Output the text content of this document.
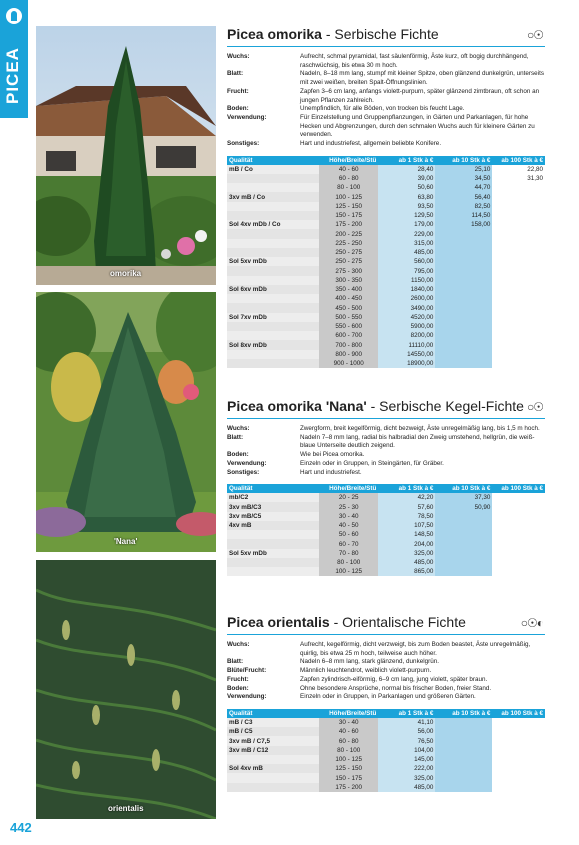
PICEA
omorika
'Nana'
orientalis
Picea omorika - Serbische Fichte	○☉
Wuchs:	Aufrecht, schmal pyramidal, fast säulenförmig, Äste kurz, oft bogig durchhängend, raschwüchsig, bis etwa 30 m hoch.
Blatt:	Nadeln, 8–18 mm lang, stumpf mit kleiner Spitze, oben glänzend dunkelgrün, unterseits mit zwei weißen, breiten Spalt-Öffnungslinien.
Frucht:	Zapfen 3–6 cm lang, anfangs violett-purpurn, später glänzend zimtbraun, oft schon an jungen Pflanzen zahlreich.
Boden:	Unempfindlich, für alle Böden, von trocken bis feucht Lage.
Verwendung:	Für Einzelstellung und Gruppenpflanzungen, in Gärten und Parkanlagen, für hohe Hecken und Abgrenzungen, durch den schmalen Wuchs auch für kleinere Gärten zu verwenden.
Sonstiges:	Hart und industriefest, allgemein beliebte Konifere.
Qualität	Höhe/Breite/Stü	ab 1 Stk à €	ab 10 Stk à €	ab 100 Stk à €
mB / Co	40 - 60	28,40	25,10	22,80
	60 - 80	39,00	34,50	31,30
	80 - 100	50,60	44,70	
3xv mB / Co	100 - 125	63,80	56,40	
	125 - 150	93,50	82,50	
	150 - 175	129,50	114,50	
Sol 4xv mDb / Co	175 - 200	179,00	158,00	
	200 - 225	229,00		
	225 - 250	315,00		
	250 - 275	485,00		
Sol 5xv mDb	250 - 275	560,00		
	275 - 300	795,00		
	300 - 350	1150,00		
Sol 6xv mDb	350 - 400	1840,00		
	400 - 450	2600,00		
	450 - 500	3490,00		
Sol 7xv mDb	500 - 550	4520,00		
	550 - 600	5900,00		
	600 - 700	8200,00		
Sol 8xv mDb	700 - 800	11110,00		
	800 - 900	14550,00		
	900 - 1000	18900,00		
Picea omorika 'Nana' - Serbische Kegel-Fichte ○☉
Wuchs:	Zwergform, breit kegelförmig, dicht bezweigt, Äste unregelmäßig lang, bis 1,5 m hoch.
Blatt:	Nadeln 7–8 mm lang, radial bis halbradial den Zweig umstehend, hellgrün, die weiß-blaue Unterseite deutlich zeigend.
Boden:	Wie bei Picea omorika.
Verwendung:	Einzeln oder in Gruppen, in Steingärten, für Gräber.
Sonstiges:	Hart und industriefest.
Qualität	Höhe/Breite/Stü	ab 1 Stk à €	ab 10 Stk à €	ab 100 Stk à €
mb/C2	20 - 25	42,20	37,30	
3xv mB/C3	25 - 30	57,60	50,90	
3xv mB/C5	30 - 40	78,50		
4xv mB	40 - 50	107,50		
	50 - 60	148,50		
	60 - 70	204,00		
Sol 5xv mDb	70 - 80	325,00		
	80 - 100	485,00		
	100 - 125	865,00		
Picea orientalis - Orientalische Fichte	○☉◐
Wuchs:	Aufrecht, kegelförmig, dicht verzweigt, bis zum Boden beastet, Äste unregelmäßig, quirlig, bis etwa 25 m hoch, teilweise auch höher.
Blatt:	Nadeln 6–8 mm lang, stark glänzend, dunkelgrün.
Blüte/Frucht:	Männlich leuchtendrot, weiblich violett-purpurn.
Frucht:	Zapfen zylindrisch-eiförmig, 6–9 cm lang, jung violett, später braun.
Boden:	Ohne besondere Ansprüche, normal bis frischer Boden, freier Stand.
Verwendung:	Einzeln oder in Gruppen, in Parkanlagen und größeren Gärten.
Qualität	Höhe/Breite/Stü	ab 1 Stk à €	ab 10 Stk à €	ab 100 Stk à €
mB / C3	30 - 40	41,10		
mB / C5	40 - 60	56,00		
3xv mB / C7,5	60 - 80	76,50		
3xv mB / C12	80 - 100	104,00		
	100 - 125	145,00		
Sol 4xv mB	125 - 150	222,00		
	150 - 175	325,00		
	175 - 200	485,00		
442
